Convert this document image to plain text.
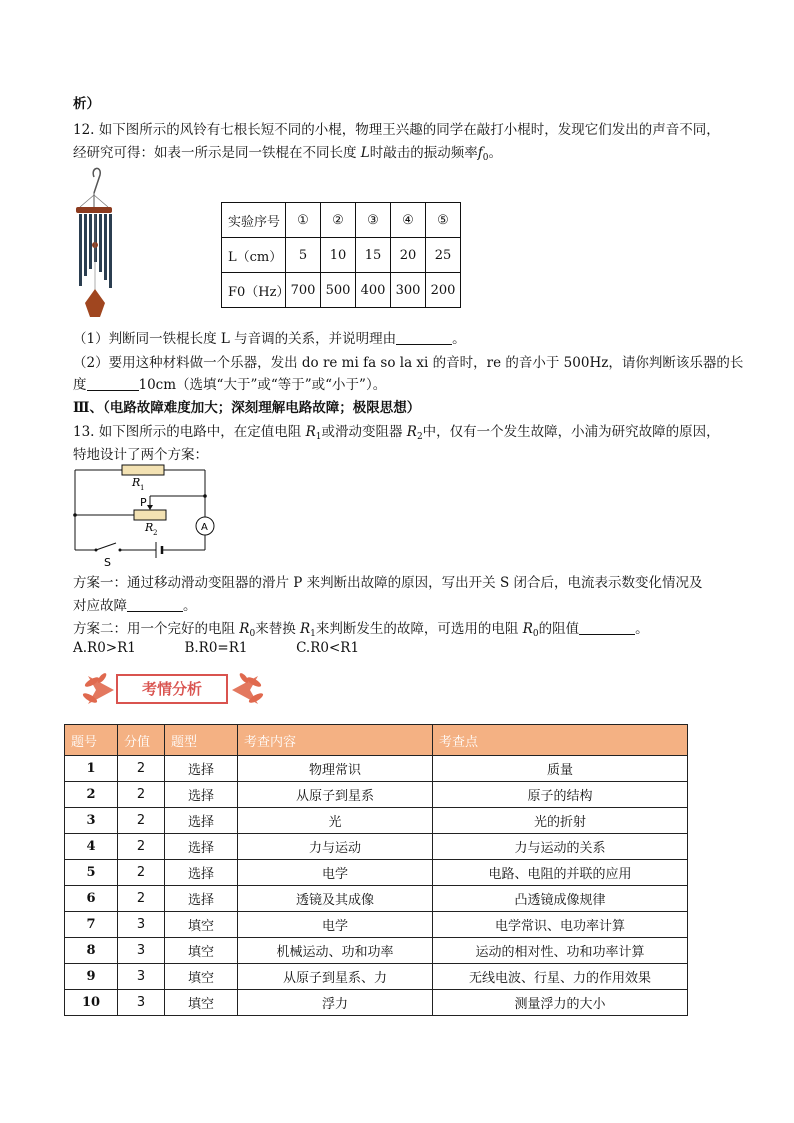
析）
12. 如下图所示的风铃有七根长短不同的小棍，物理王兴趣的同学在敲打小棍时，发现它们发出的声音不同，
经研究可得：如表一所示是同一铁棍在不同长度 L时敲击的振动频率$f_0$。
实验序号	①	②	③	④	⑤
L（cm）	5	10	15	20	25
F0（Hz）	700	500	400	300	200
（1）判断同一铁棍长度 L 与音调的关系，并说明理由	。
（2）要用这种材料做一个乐器，发出 do re mi fa so la xi 的音时，re 的音小于 500Hz，请你判断该乐器的长
度	10cm（选填“大于”或“等于”或“小于”）。
Ⅲ、（电路故障难度加大；深刻理解电路故障；极限思想）
13. 如下图所示的电路中，在定值电阻 $R_1$或滑动变阻器 $R_2$中，仅有一个发生故障，小浦为研究故障的原因，
特地设计了两个方案：
R 1
P
R 2	A
S
方案一：通过移动滑动变阻器的滑片 P 来判断出故障的原因，写出开关 S 闭合后，电流表示数变化情况及
对应故障	。
方案二：用一个完好的电阻 $R_0$来替换 $R_1$来判断发生的故障，可选用的电阻 $R_0$的阻值	。
A.R0>R1	B.R0=R1	C.R0<R1
考情分析
题号	分值	题型	考查内容	考查点
1	2	选择	物理常识	质量
2	2	选择	从原子到星系	原子的结构
3	2	选择	光	光的折射
4	2	选择	力与运动	力与运动的关系
5	2	选择	电学	电路、电阻的并联的应用
6	2	选择	透镜及其成像	凸透镜成像规律
7	3	填空	电学	电学常识、电功率计算
8	3	填空	机械运动、功和功率	运动的相对性、功和功率计算
9	3	填空	从原子到星系、力	无线电波、行星、力的作用效果
10	3	填空	浮力	测量浮力的大小
